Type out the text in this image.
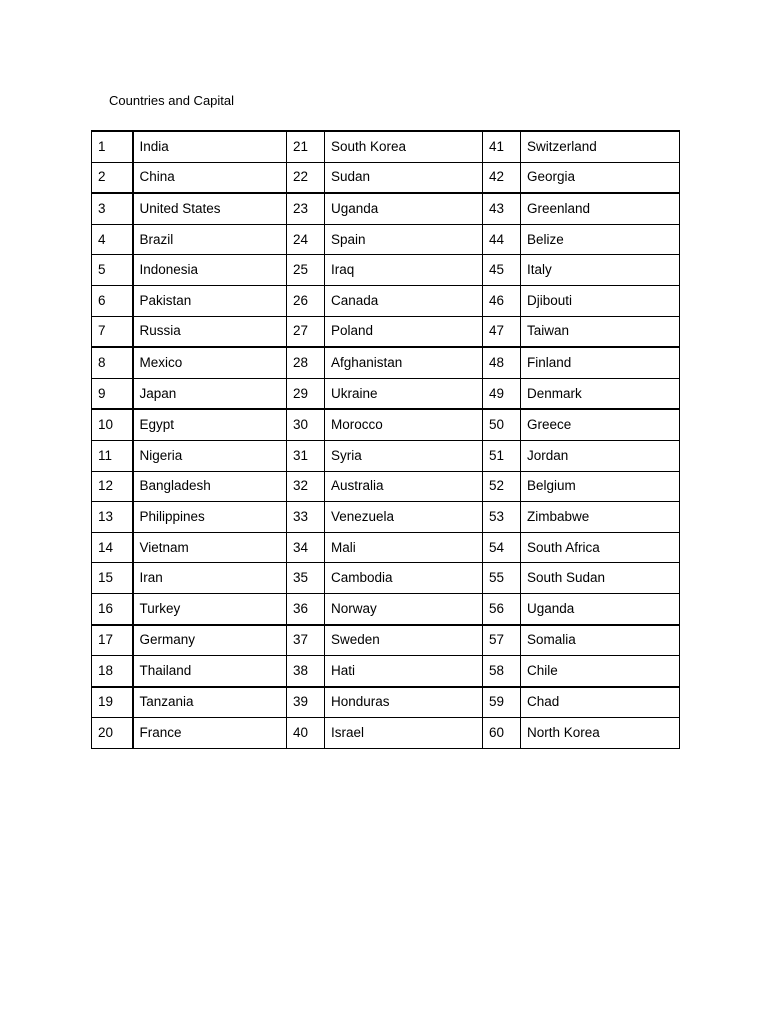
Countries and Capital
1	India	21	South Korea	41	Switzerland
2	China	22	Sudan	42	Georgia
3	United States	23	Uganda	43	Greenland
4	Brazil	24	Spain	44	Belize
5	Indonesia	25	Iraq	45	Italy
6	Pakistan	26	Canada	46	Djibouti
7	Russia	27	Poland	47	Taiwan
8	Mexico	28	Afghanistan	48	Finland
9	Japan	29	Ukraine	49	Denmark
10	Egypt	30	Morocco	50	Greece
11	Nigeria	31	Syria	51	Jordan
12	Bangladesh	32	Australia	52	Belgium
13	Philippines	33	Venezuela	53	Zimbabwe
14	Vietnam	34	Mali	54	South Africa
15	Iran	35	Cambodia	55	South Sudan
16	Turkey	36	Norway	56	Uganda
17	Germany	37	Sweden	57	Somalia
18	Thailand	38	Hati	58	Chile
19	Tanzania	39	Honduras	59	Chad
20	France	40	Israel	60	North Korea
